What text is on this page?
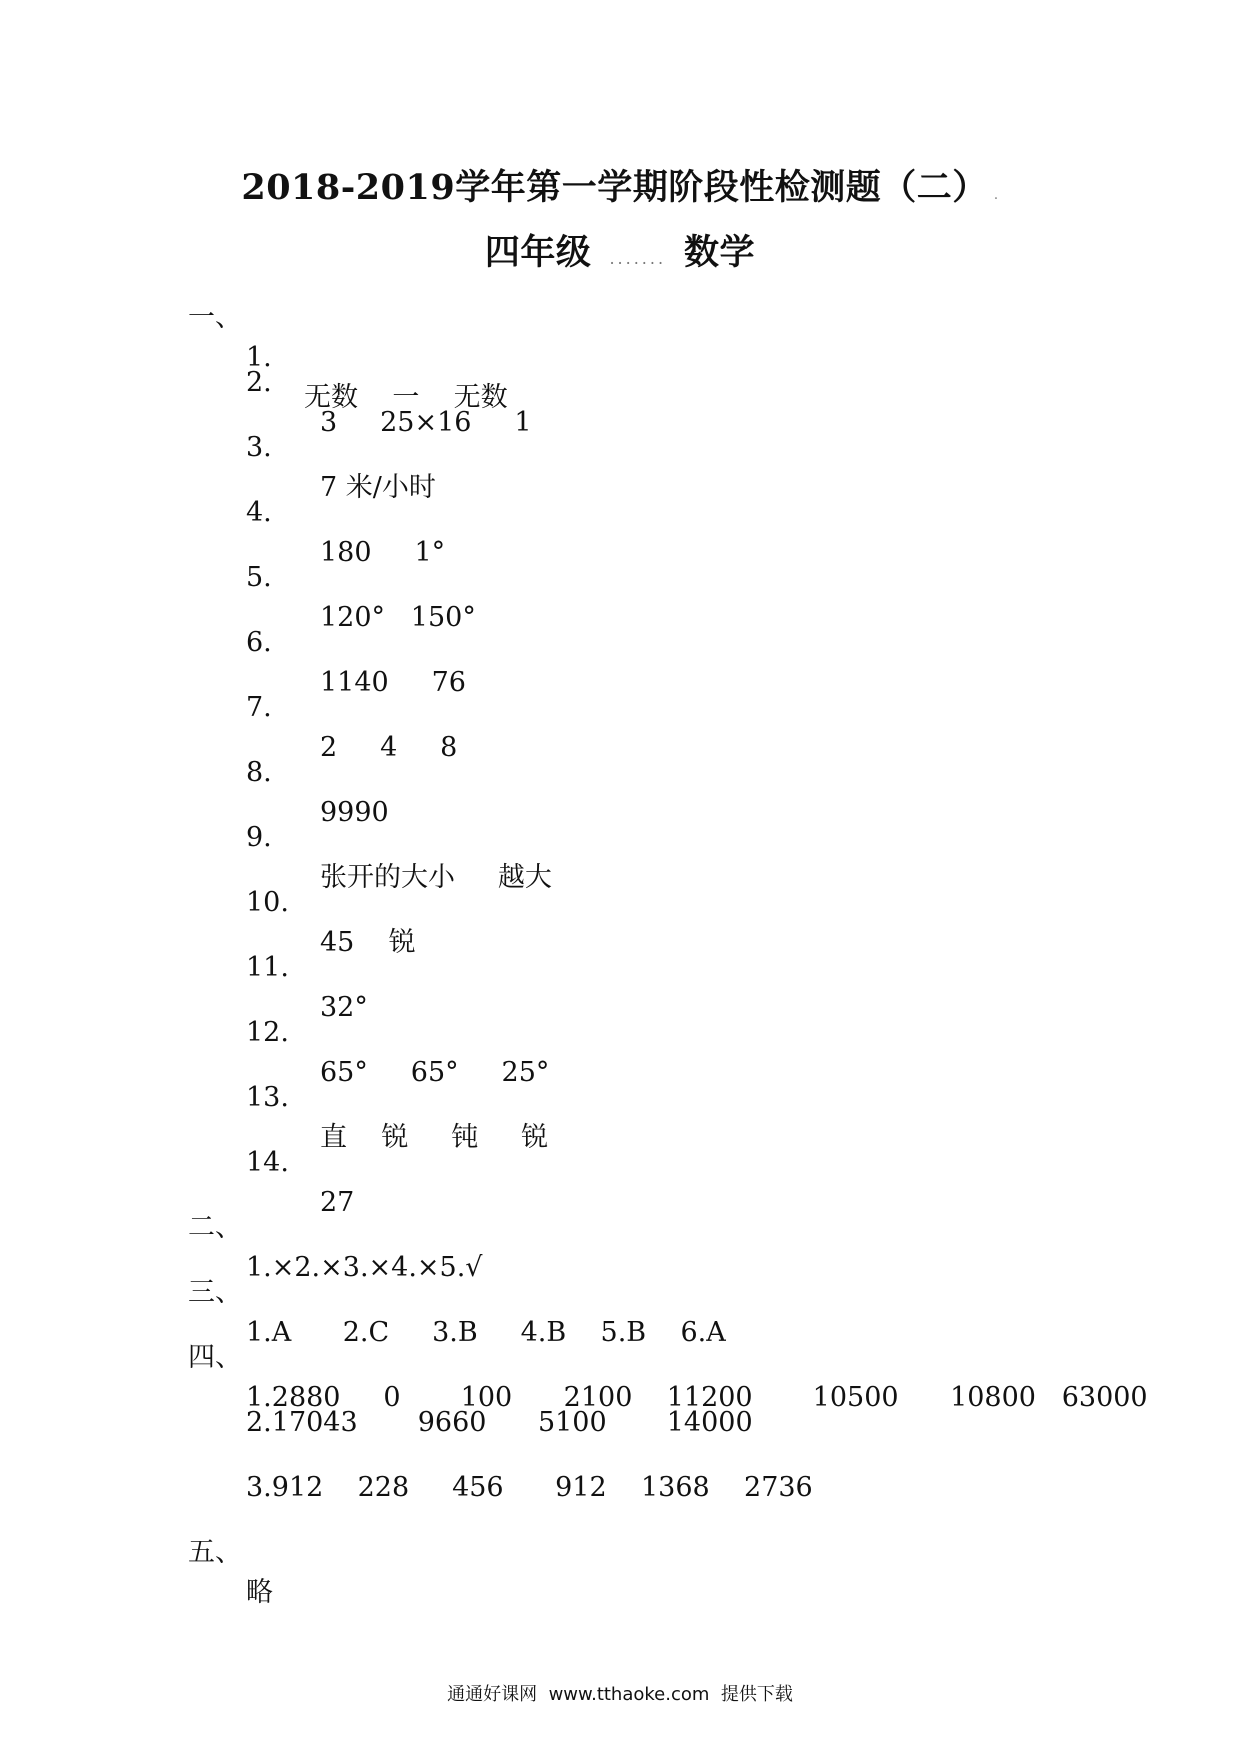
2018-2019学年第一学期阶段性检测题（二） .
四年级 ....... 数学

一、

1.

无数    一    无数

2.

3     25×16     1

3.

7 米/小时

4.

180     1°

5.

120°   150°

6.

1140     76

7.

2     4     8

8.

9990

9.

张开的大小     越大

10.

45    锐

11.

32°

12.

65°     65°     25°

13.

直    锐     钝     锐

14.

27

二、

1.×2.×3.×4.×5.√

三、

1.A      2.C     3.B     4.B    5.B    6.A

四、

1.2880     0       100      2100    11200       10500      10800   63000

2.17043       9660      5100       14000

3.912    228     456      912    1368    2736

五、

略

通通好课网  www.tthaoke.com  提供下载
